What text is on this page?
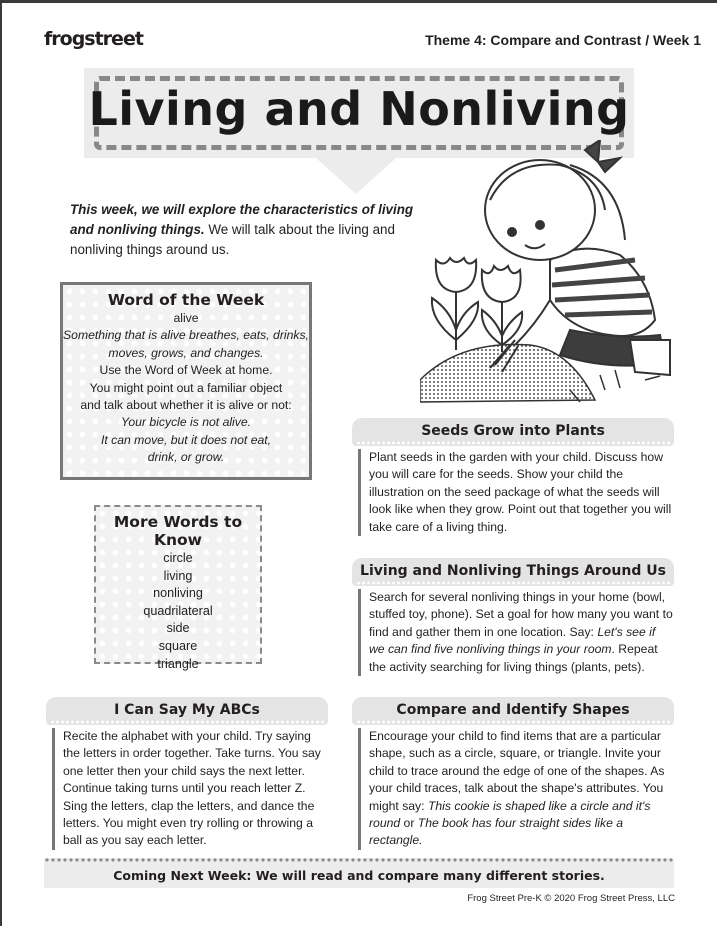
frogstreet	Theme 4: Compare and Contrast / Week 1
Living and Nonliving
This week, we will explore the characteristics of living and nonliving things. We will talk about the living and nonliving things around us.
Word of the Week
alive
Something that is alive breathes, eats, drinks,
moves, grows, and changes.
Use the Word of Week at home.
You might point out a familiar object
and talk about whether it is alive or not:
Your bicycle is not alive.
It can move, but it does not eat,
drink, or grow.
More Words to Know
circle
living
nonliving
quadrilateral
side
square
triangle
Seeds Grow into Plants
Plant seeds in the garden with your child. Discuss how you will care for the seeds. Show your child the illustration on the seed package of what the seeds will look like when they grow. Point out that together you will take care of a living thing.
Living and Nonliving Things Around Us
Search for several nonliving things in your home (bowl, stuffed toy, phone). Set a goal for how many you want to find and gather them in one location. Say: Let's see if we can find five nonliving things in your room. Repeat the activity searching for living things (plants, pets).
I Can Say My ABCs
Recite the alphabet with your child. Try saying the letters in order together. Take turns. You say one letter then your child says the next letter. Continue taking turns until you reach letter Z. Sing the letters, clap the letters, and dance the letters. You might even try rolling or throwing a ball as you say each letter.
Compare and Identify Shapes
Encourage your child to find items that are a particular shape, such as a circle, square, or triangle. Invite your child to trace around the edge of one of the shapes. As your child traces, talk about the shape's attributes. You might say: This cookie is shaped like a circle and it's round or The book has four straight sides like a rectangle.
Coming Next Week: We will read and compare many different stories.
Frog Street Pre-K © 2020 Frog Street Press, LLC
